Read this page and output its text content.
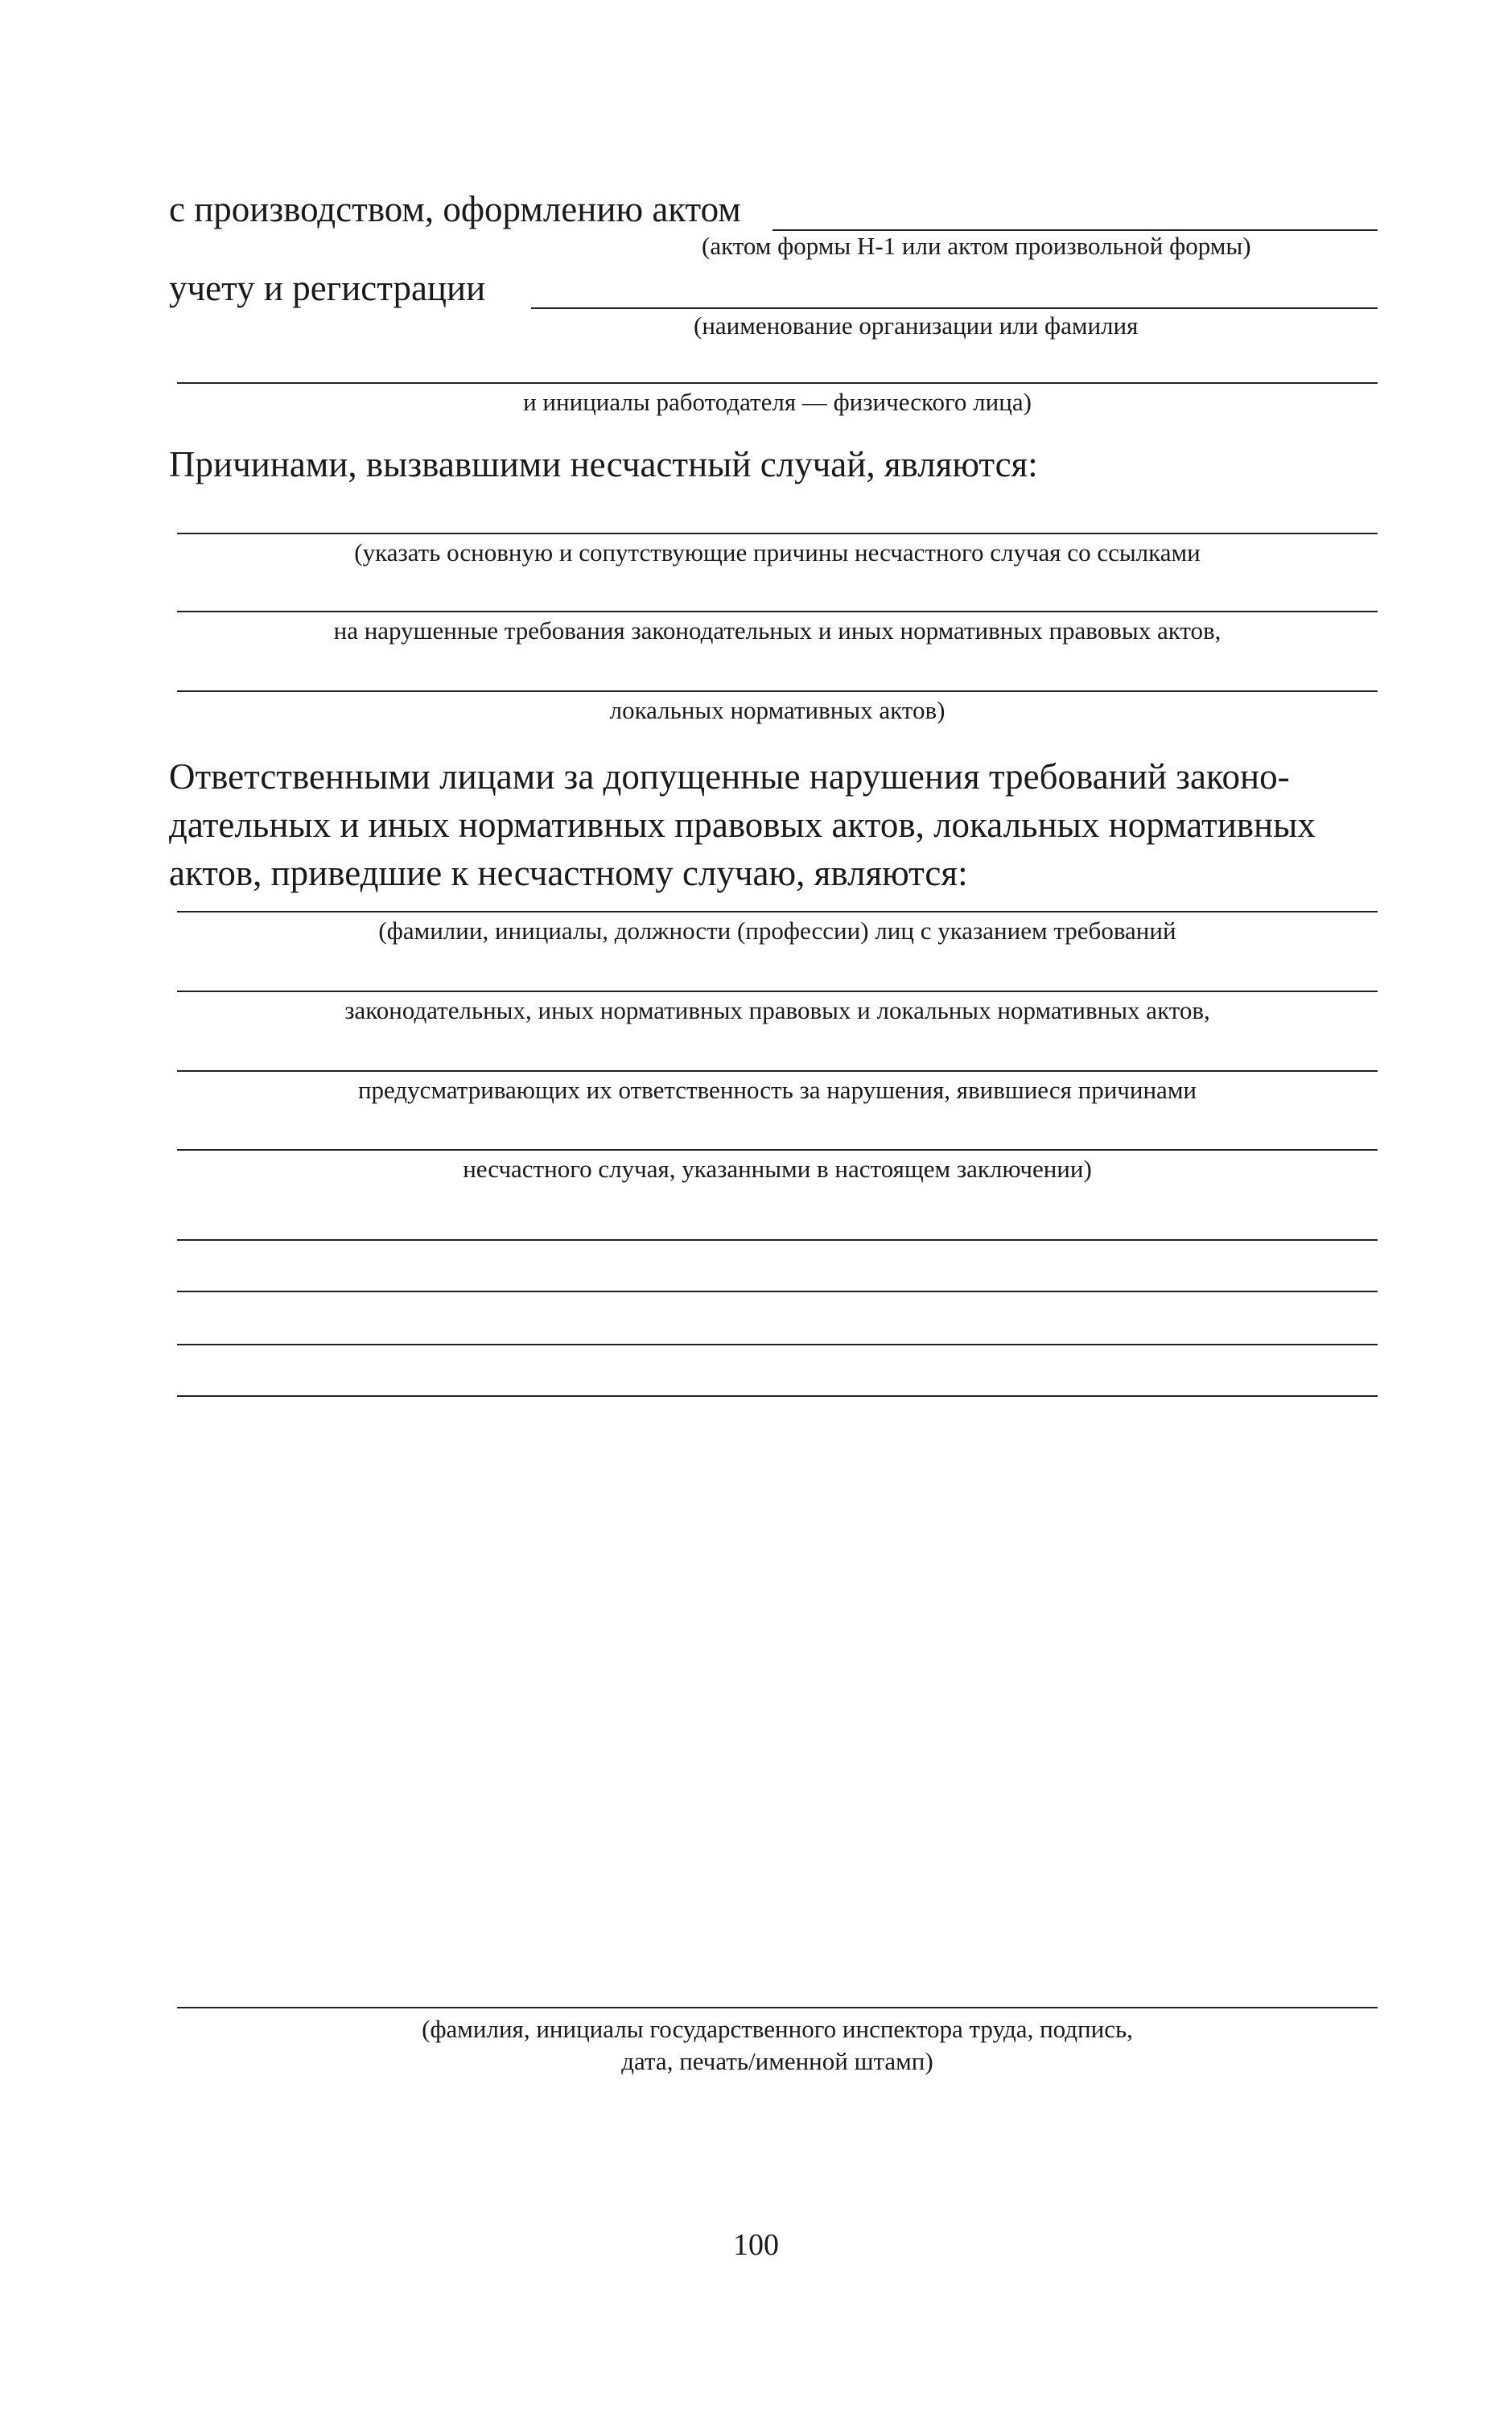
с производством, оформлению актом
(актом формы Н-1 или актом произвольной формы)
учету и регистрации
(наименование организации или фамилия
и инициалы работодателя — физического лица)
Причинами, вызвавшими несчастный случай, являются:
(указать основную и сопутствующие причины несчастного случая со ссылками
на нарушенные требования законодательных и иных нормативных правовых актов,
локальных нормативных актов)
Ответственными лицами за допущенные нарушения требований законо-
дательных и иных нормативных правовых актов, локальных нормативных
актов, приведшие к несчастному случаю, являются:
(фамилии, инициалы, должности (профессии) лиц с указанием требований
законодательных, иных нормативных правовых и локальных нормативных актов,
предусматривающих их ответственность за нарушения, явившиеся причинами
несчастного случая, указанными в настоящем заключении)
(фамилия, инициалы государственного инспектора труда, подпись,
дата, печать/именной штамп)
100
